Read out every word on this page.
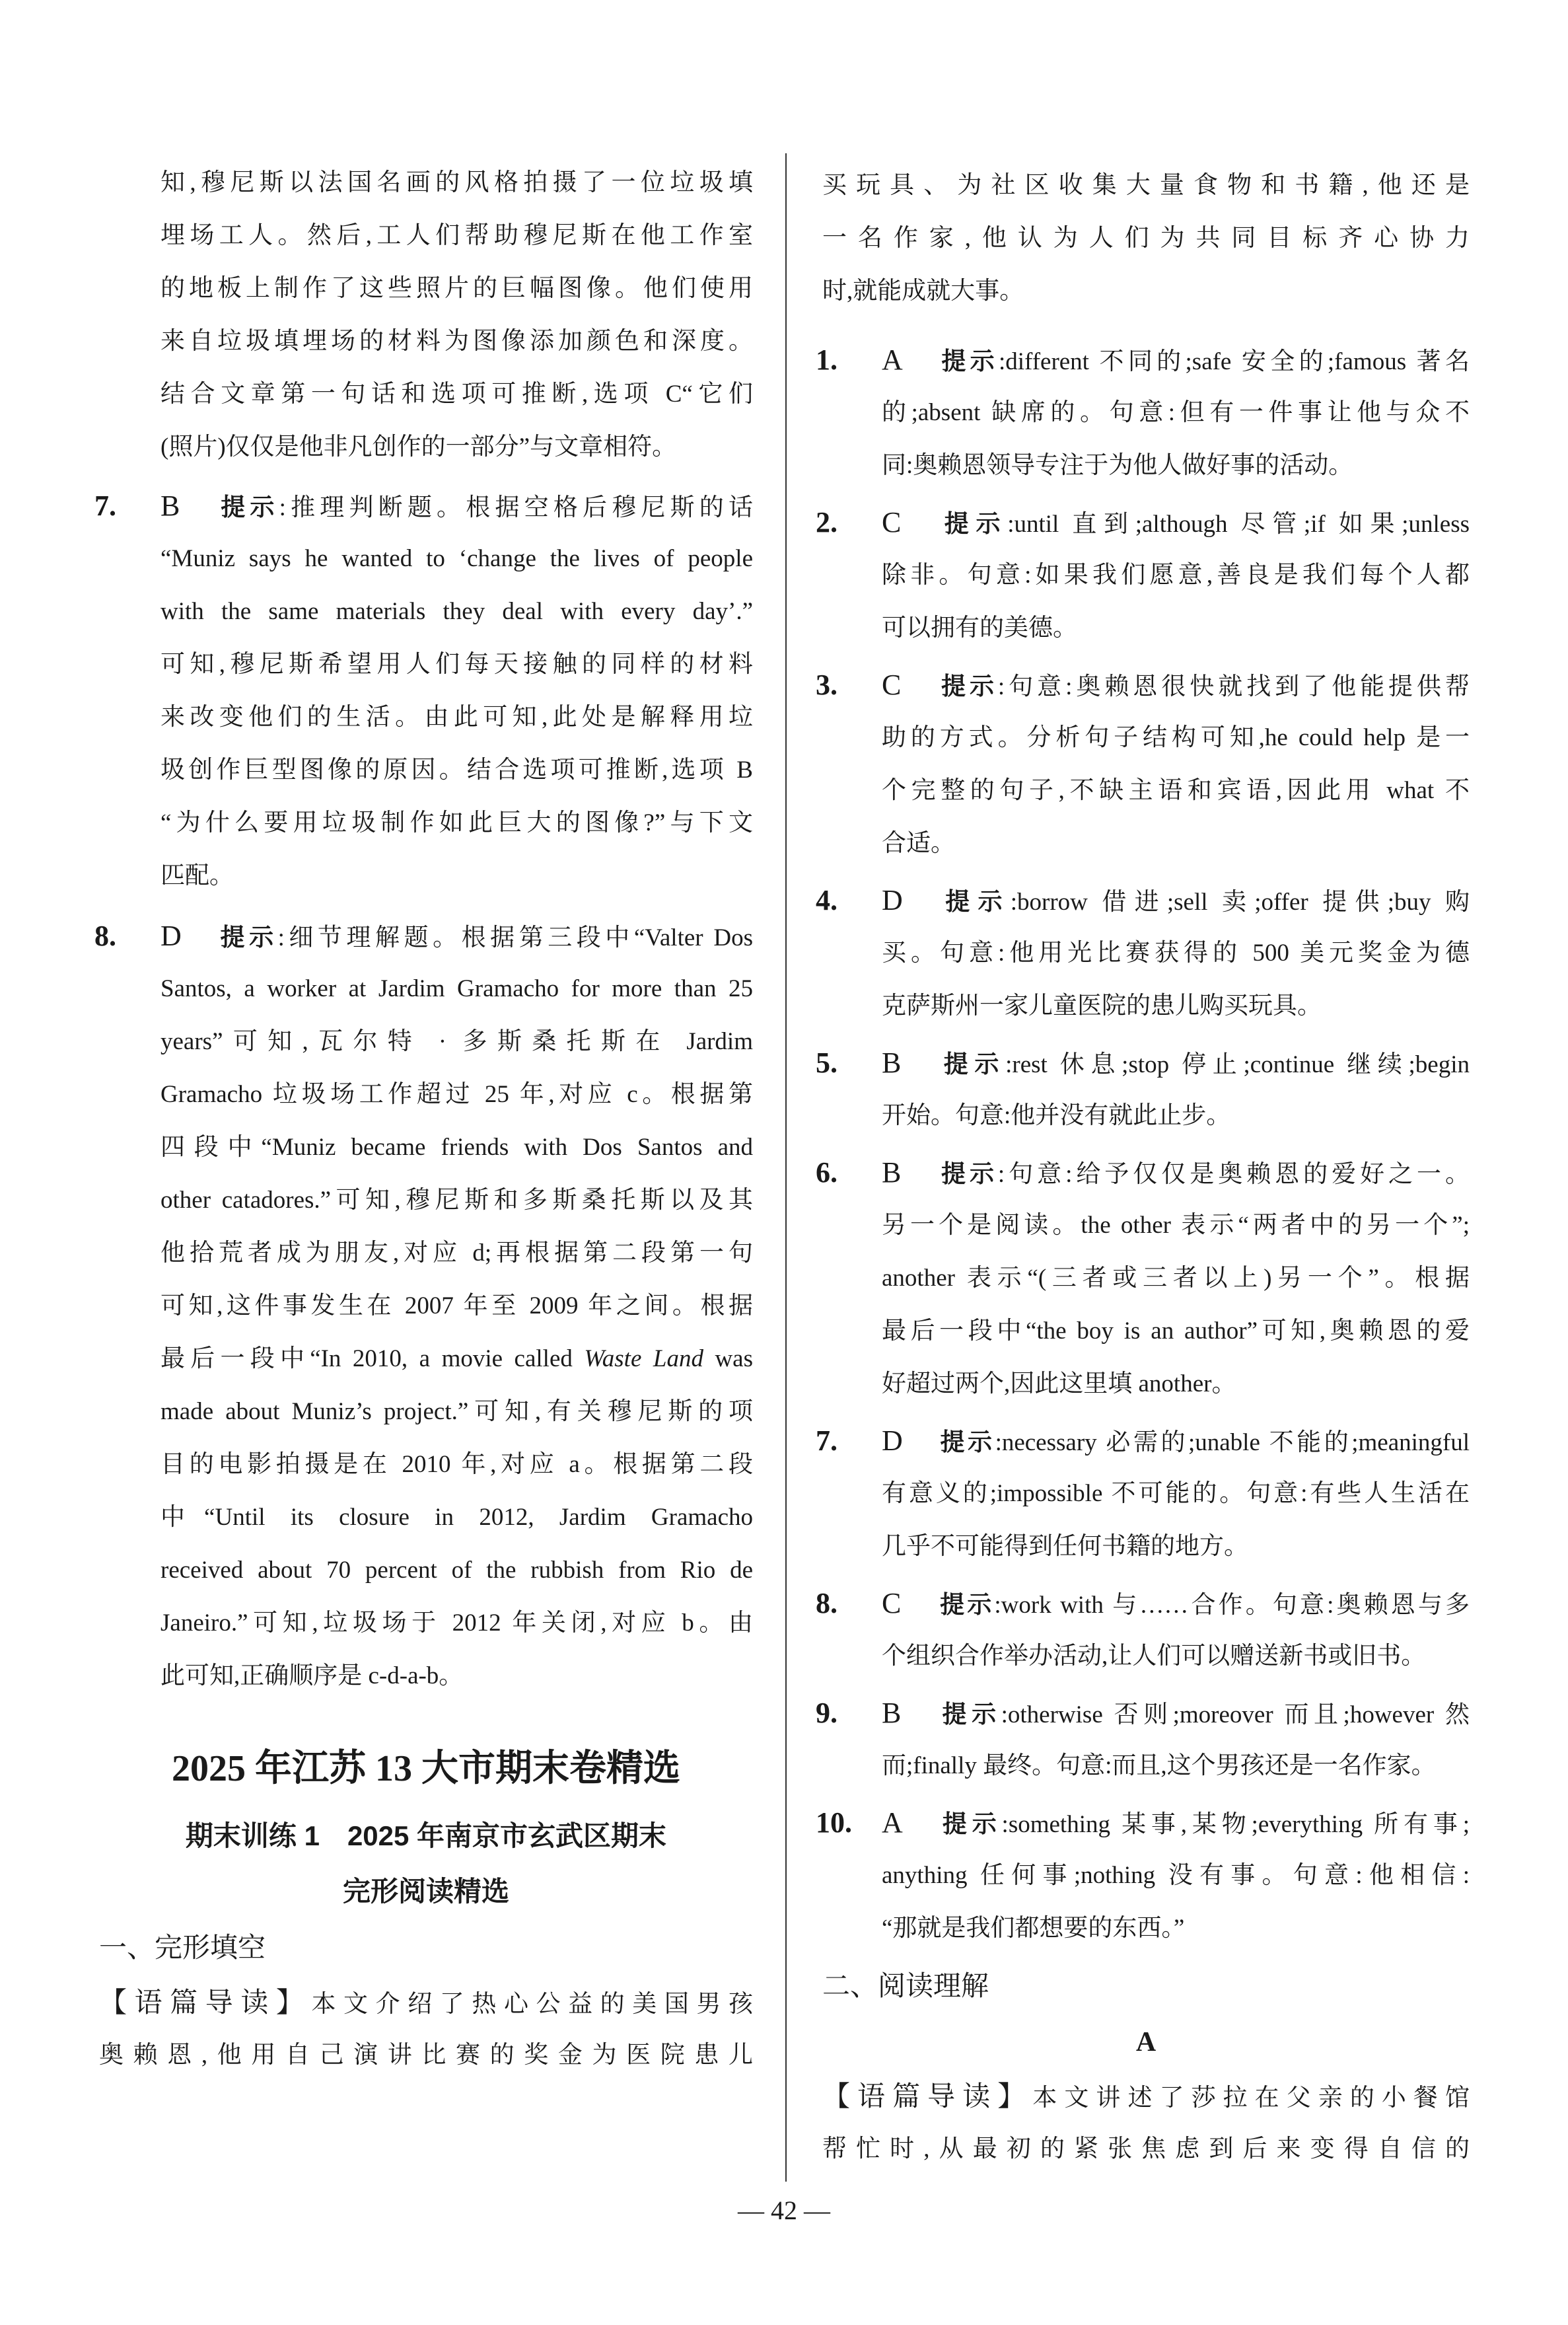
知,穆尼斯以法国名画的风格拍摄了一位垃圾填
埋场工人。然后,工人们帮助穆尼斯在他工作室
的地板上制作了这些照片的巨幅图像。他们使用
来自垃圾填埋场的材料为图像添加颜色和深度。
结合文章第一句话和选项可推断,选项 C“它们
(照片)仅仅是他非凡创作的一部分”与文章相符。
7.	B 提示:推理判断题。根据空格后穆尼斯的话
“Muniz says he wanted to ‘change the lives of people
with the same materials they deal with every day’.”
可知,穆尼斯希望用人们每天接触的同样的材料
来改变他们的生活。由此可知,此处是解释用垃
圾创作巨型图像的原因。结合选项可推断,选项 B
“为什么要用垃圾制作如此巨大的图像?”与下文
匹配。
8.	D 提示:细节理解题。根据第三段中“Valter Dos
Santos, a worker at Jardim Gramacho for more than 25
years”可知,瓦尔特 · 多斯桑托斯在 Jardim
Gramacho 垃圾场工作超过 25 年,对应 c。根据第
四段中“Muniz became friends with Dos Santos and
other catadores.”可知,穆尼斯和多斯桑托斯以及其
他拾荒者成为朋友,对应 d;再根据第二段第一句
可知,这件事发生在 2007 年至 2009 年之间。根据
最后一段中“In 2010, a movie called Waste Land was
made about Muniz’s project.”可知,有关穆尼斯的项
目的电影拍摄是在 2010 年,对应 a。根据第二段
中“Until its closure in 2012, Jardim Gramacho
received about 70 percent of the rubbish from Rio de
Janeiro.”可知,垃圾场于 2012 年关闭,对应 b。由
此可知,正确顺序是 c-d-a-b。
2025 年江苏 13 大市期末卷精选
期末训练 1　2025 年南京市玄武区期末
完形阅读精选
一、完形填空
【语篇导读】本文介绍了热心公益的美国男孩
奥赖恩,他用自己演讲比赛的奖金为医院患儿
买玩具、为社区收集大量食物和书籍,他还是
一名作家,他认为人们为共同目标齐心协力
时,就能成就大事。
1.	A 提示:different 不同的;safe 安全的;famous 著名
的;absent 缺席的。句意:但有一件事让他与众不
同:奥赖恩领导专注于为他人做好事的活动。
2.	C 提示:until 直到;although 尽管;if 如果;unless
除非。句意:如果我们愿意,善良是我们每个人都
可以拥有的美德。
3.	C 提示:句意:奥赖恩很快就找到了他能提供帮
助的方式。分析句子结构可知,he could help 是一
个完整的句子,不缺主语和宾语,因此用 what 不
合适。
4.	D 提示:borrow 借进;sell 卖;offer 提供;buy 购
买。句意:他用光比赛获得的 500 美元奖金为德
克萨斯州一家儿童医院的患儿购买玩具。
5.	B 提示:rest 休息;stop 停止;continue 继续;begin
开始。句意:他并没有就此止步。
6.	B 提示:句意:给予仅仅是奥赖恩的爱好之一。
另一个是阅读。the other 表示“两者中的另一个”;
another 表示“(三者或三者以上)另一个”。根据
最后一段中“the boy is an author”可知,奥赖恩的爱
好超过两个,因此这里填 another。
7.	D 提示:necessary 必需的;unable 不能的;meaningful
有意义的;impossible 不可能的。句意:有些人生活在
几乎不可能得到任何书籍的地方。
8.	C 提示:work with 与……合作。句意:奥赖恩与多
个组织合作举办活动,让人们可以赠送新书或旧书。
9.	B 提示:otherwise 否则;moreover 而且;however 然
而;finally 最终。句意:而且,这个男孩还是一名作家。
10.	A 提示:something 某事,某物;everything 所有事;
anything 任何事;nothing 没有事。句意:他相信:
“那就是我们都想要的东西。”
二、阅读理解
A
【语篇导读】本文讲述了莎拉在父亲的小餐馆
帮忙时,从最初的紧张焦虑到后来变得自信的
— 42 —
